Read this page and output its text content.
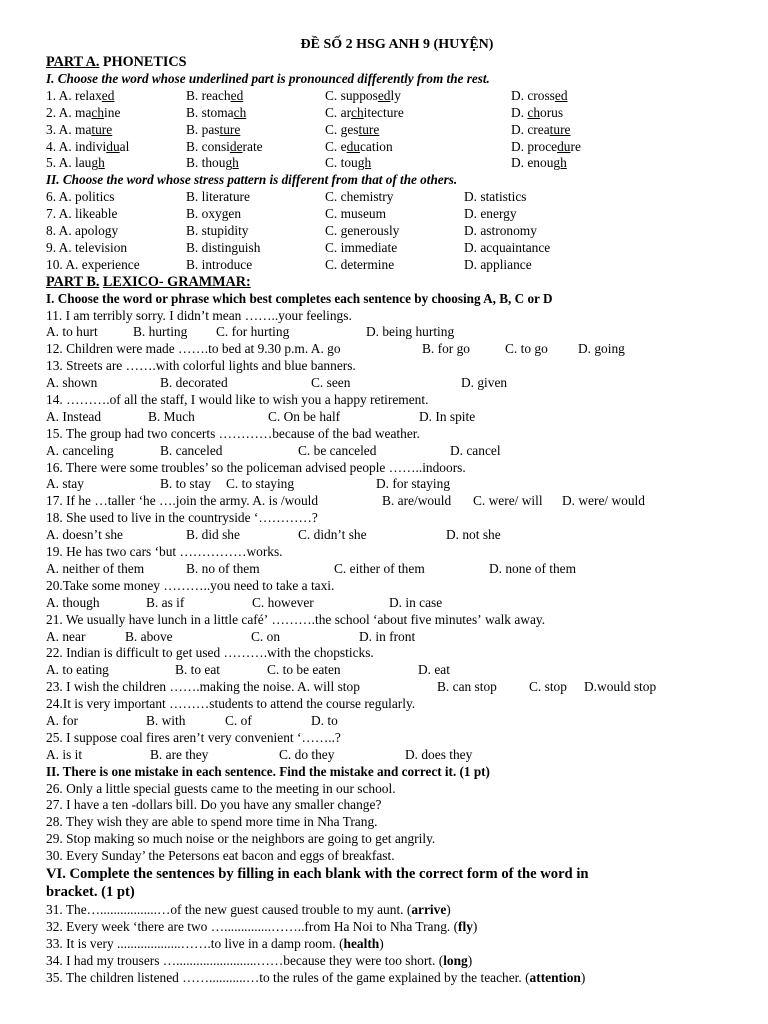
ĐỀ SỐ 2 HSG ANH 9 (HUYỆN)
PART A. PHONETICS
I. Choose the word whose underlined part is pronounced differently from the rest.
1. A. relaxed	B. reached	C. supposedly	D. crossed
2. A. machine	B. stomach	C. architecture	D. chorus
3. A. mature	B. pasture	C. gesture	D. creature
4. A. individual	B. considerate	C. education	D. procedure
5. A. laugh	B. though	C. tough	D. enough
II. Choose the word whose stress pattern is different from that of the others.
6. A. politics	B. literature	C. chemistry	D. statistics
7. A. likeable	B. oxygen	C. museum	D. energy
8. A. apology	B. stupidity	C. generously	D. astronomy
9. A. television	B. distinguish	C. immediate	D. acquaintance
10. A. experience	B. introduce	C. determine	D. appliance
PART B. LEXICO- GRAMMAR:
I. Choose the word or phrase which best completes each sentence by choosing A, B, C or D
11. I am terribly sorry. I didnʼt mean ……..your feelings.
A. to hurt	B. hurting C. for hurting	D. being hurting
12. Children were made …….to bed at 9.30 p.m. A. go	B. for go	C. to go D. going
13. Streets are …….with colorful lights and blue banners.
A. shown	B. decorated	C. seen	D. given
14. ……….of all the staff, I would like to wish you a happy retirement.
A. Instead	B. Much	C. On be half	D. In spite
15. The group had two concerts …………because of the bad weather.
A. canceling	B. canceled	C. be canceled	D. cancel
16. There were some troubles’ so the policeman advised people ……..indoors.
A. stay	B. to stay C. to staying	D. for staying
17. If he …taller ‘he ….join the army. A. is /would	B. are/would C. were/ will D. were/ would
18. She used to live in the countryside ‘…………?
A. doesnʼt she	B. did she	C. didn’t she	D. not she
19. He has two cars ‘but ……………works.
A. neither of them	B. no of them	C. either of them	D. none of them
20.Take some money ………..you need to take a taxi.
A. though	B. as if	C. however	D. in case
21. We usually have lunch in a little caféʼ ……….the school ‘about five minutesʼ walk away.
A. near	B. above	C. on	D. in front
22. Indian is difficult to get used ……….with the chopsticks.
A. to eating	B. to eat	C. to be eaten	D. eat
23. I wish the children …….making the noise. A. will stop	B. can stop C. stop D.would stop
24.It is very important ………students to attend the course regularly.
A. for	B. with	C. of	D. to
25. I suppose coal fires arenʼt very convenient ‘……..?
A. is it	B. are they	C. do they	D. does they
II. There is one mistake in each sentence. Find the mistake and correct it. (1 pt)
26. Only a little special guests came to the meeting in our school.
27. I have a ten -dollars bill. Do you have any smaller change?
28. They wish they are able to spend more time in Nha Trang.
29. Stop making so much noise or the neighbors are going to get angrily.
30. Every Sunday’ the Petersons eat bacon and eggs of breakfast.
VI. Complete the sentences by filling in each blank with the correct form of the word in
bracket. (1 pt)
31. The….................…of the new guest caused trouble to my aunt. (arrive)
32. Every week ‘there are two …..............……..from Ha Noi to Nha Trang. (fly)
33. It is very ...................…….to live in a damp room. (health)
34. I had my trousers …........................……because they were too short. (long)
35. The children listened ……...........…to the rules of the game explained by the teacher. (attention)
